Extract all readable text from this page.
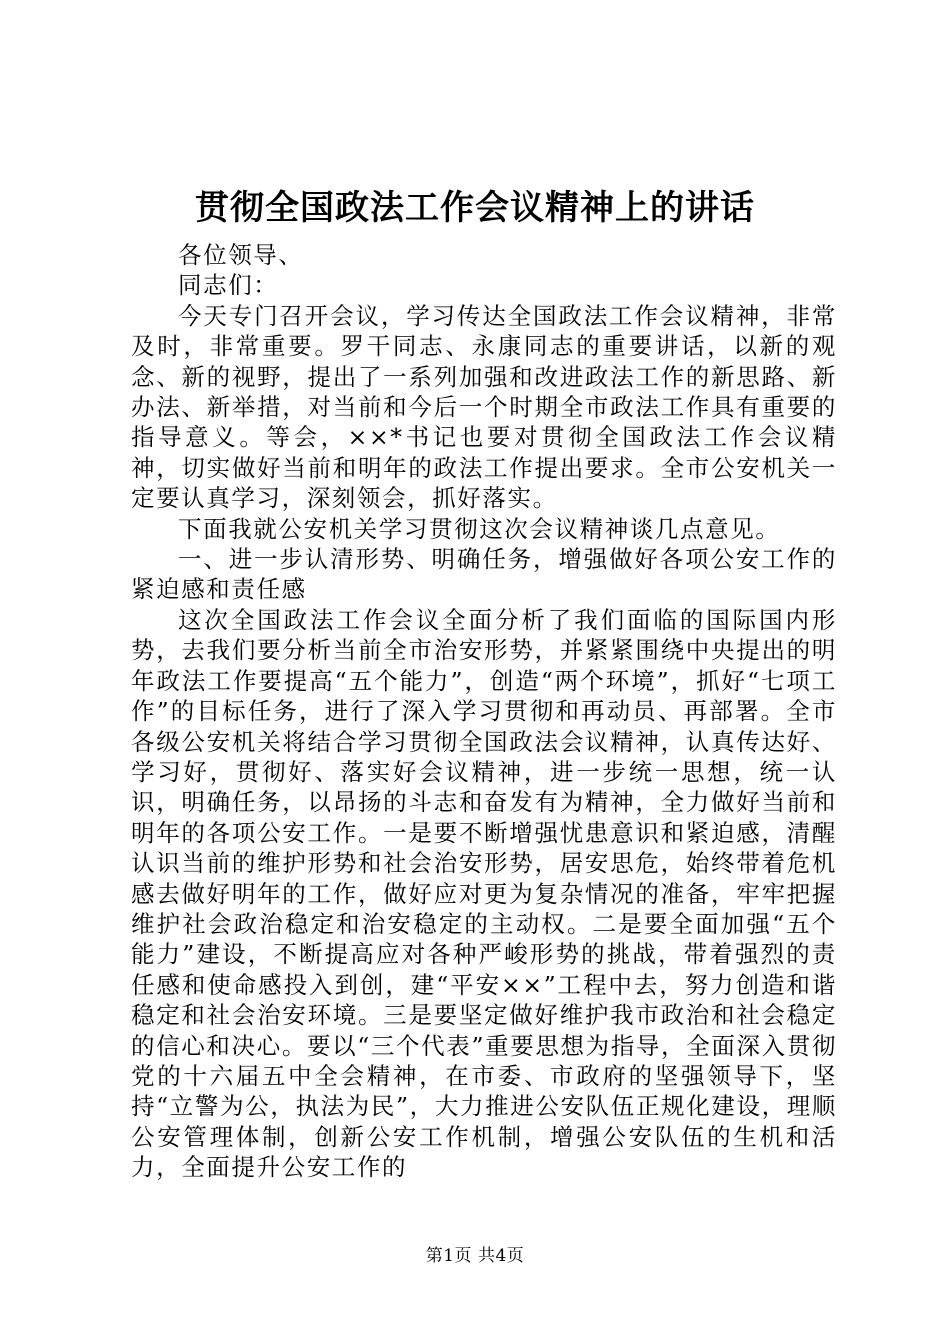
贯彻全国政法工作会议精神上的讲话

各位领导、

同志们：

今天专门召开会议，学习传达全国政法工作会议精神，非常及时，非常重要。罗干同志、永康同志的重要讲话，以新的观念、新的视野，提出了一系列加强和改进政法工作的新思路、新办法、新举措，对当前和今后一个时期全市政法工作具有重要的指导意义。等会，××*书记也要对贯彻全国政法工作会议精神，切实做好当前和明年的政法工作提出要求。全市公安机关一定要认真学习，深刻领会，抓好落实。

下面我就公安机关学习贯彻这次会议精神谈几点意见。

一、进一步认清形势、明确任务，增强做好各项公安工作的紧迫感和责任感

这次全国政法工作会议全面分析了我们面临的国际国内形势，去我们要分析当前全市治安形势，并紧紧围绕中央提出的明年政法工作要提高“五个能力”，创造“两个环境”，抓好“七项工作”的目标任务，进行了深入学习贯彻和再动员、再部署。全市各级公安机关将结合学习贯彻全国政法会议精神，认真传达好、学习好，贯彻好、落实好会议精神，进一步统一思想，统一认识，明确任务，以昂扬的斗志和奋发有为精神，全力做好当前和明年的各项公安工作。一是要不断增强忧患意识和紧迫感，清醒认识当前的维护形势和社会治安形势，居安思危，始终带着危机感去做好明年的工作，做好应对更为复杂情况的准备，牢牢把握维护社会政治稳定和治安稳定的主动权。二是要全面加强“五个能力”建设，不断提高应对各种严峻形势的挑战，带着强烈的责任感和使命感投入到创，建“平安××”工程中去，努力创造和谐稳定和社会治安环境。三是要坚定做好维护我市政治和社会稳定的信心和决心。要以“三个代表”重要思想为指导，全面深入贯彻党的十六届五中全会精神，在市委、市政府的坚强领导下，坚持“立警为公，执法为民”，大力推进公安队伍正规化建设，理顺公安管理体制，创新公安工作机制，增强公安队伍的生机和活力，全面提升公安工作的

第1页 共4页
